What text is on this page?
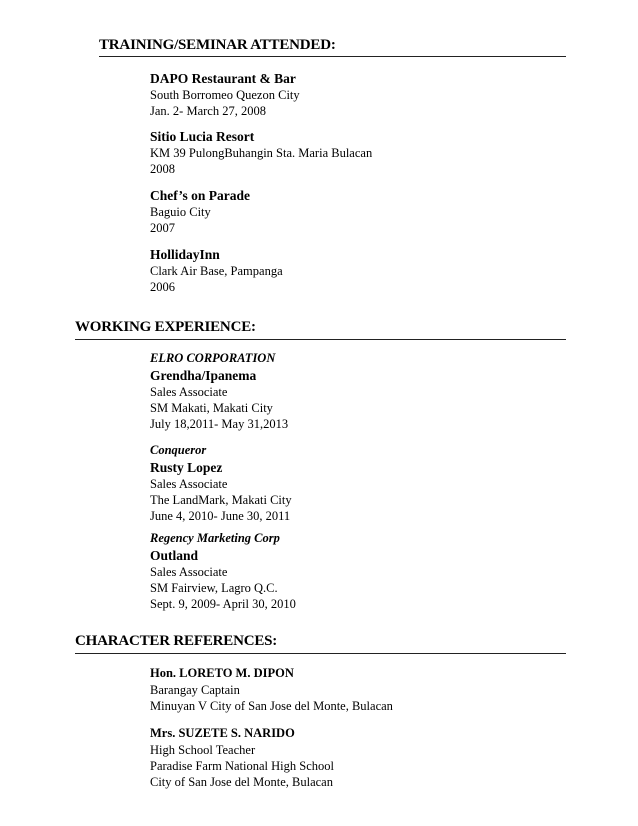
TRAINING/SEMINAR ATTENDED:
DAPO Restaurant & Bar
South Borromeo Quezon City
Jan. 2- March 27, 2008
Sitio Lucia Resort
KM 39 PulongBuhangin Sta. Maria Bulacan
2008
Chef’s on Parade
Baguio City
2007
HollidayInn
Clark Air Base, Pampanga
2006
WORKING EXPERIENCE:
ELRO CORPORATION
Grendha/Ipanema
Sales Associate
SM Makati, Makati City
July 18,2011- May 31,2013
Conqueror
Rusty Lopez
Sales Associate
The LandMark, Makati City
June 4, 2010- June 30, 2011
Regency Marketing Corp
Outland
Sales Associate
SM Fairview, Lagro Q.C.
Sept. 9, 2009- April 30, 2010
CHARACTER REFERENCES:
Hon. LORETO M. DIPON
Barangay Captain
Minuyan V City of San Jose del Monte, Bulacan
Mrs. SUZETE S. NARIDO
High School Teacher
Paradise Farm National High School
City of San Jose del Monte, Bulacan
